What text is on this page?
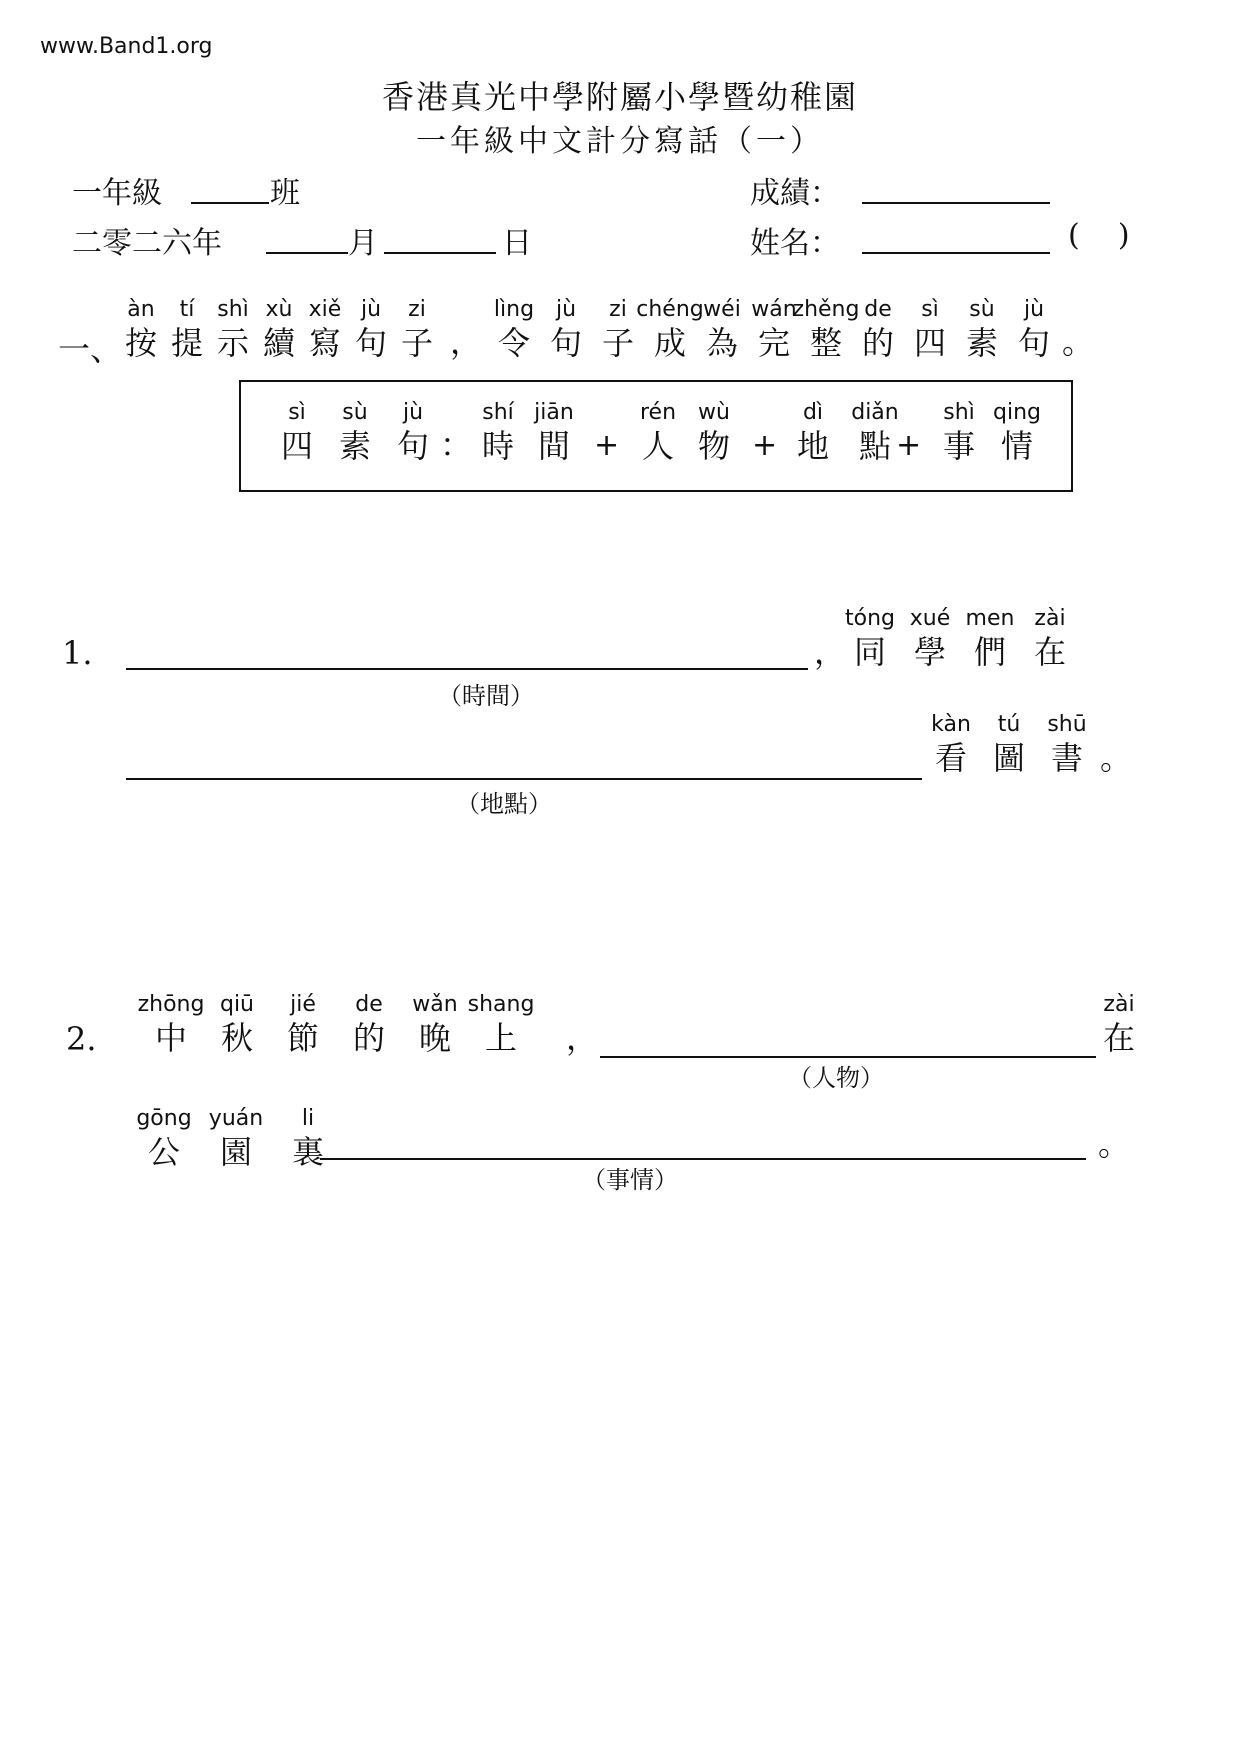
www.Band1.org
香港真光中學附屬小學暨幼稚園
一年級中文計分寫話（一）
一年級	班	成績：
二零二六年	月	日	姓名：	(    )
一、
àn
按
tí
提
shì
示
xù
續
xiě
寫
jù
句
zi
子 ，
lìng
令
jù
句
zi
子
chéng
成
wéi
為
wán
完
zhěng
整
de
的
sì
四
sù
素
jù
句 。
sì
四
sù
素
jù
句 ：
shí
時
jiān
間 +
rén
人
wù
物 +
dì
地
diǎn
點 +
shì
事
qing
情
1.	，
tóng
同
xué
學
men
們
zài
在
（時間）
kàn
看
tú
圖
shū
書 。
（地點）
2.
zhōng
中
qiū
秋
jié
節
de
的
wǎn
晚
shang
上 ，
zài
在
（人物）
gōng
公
yuán
園
li
裏	。
（事情）
